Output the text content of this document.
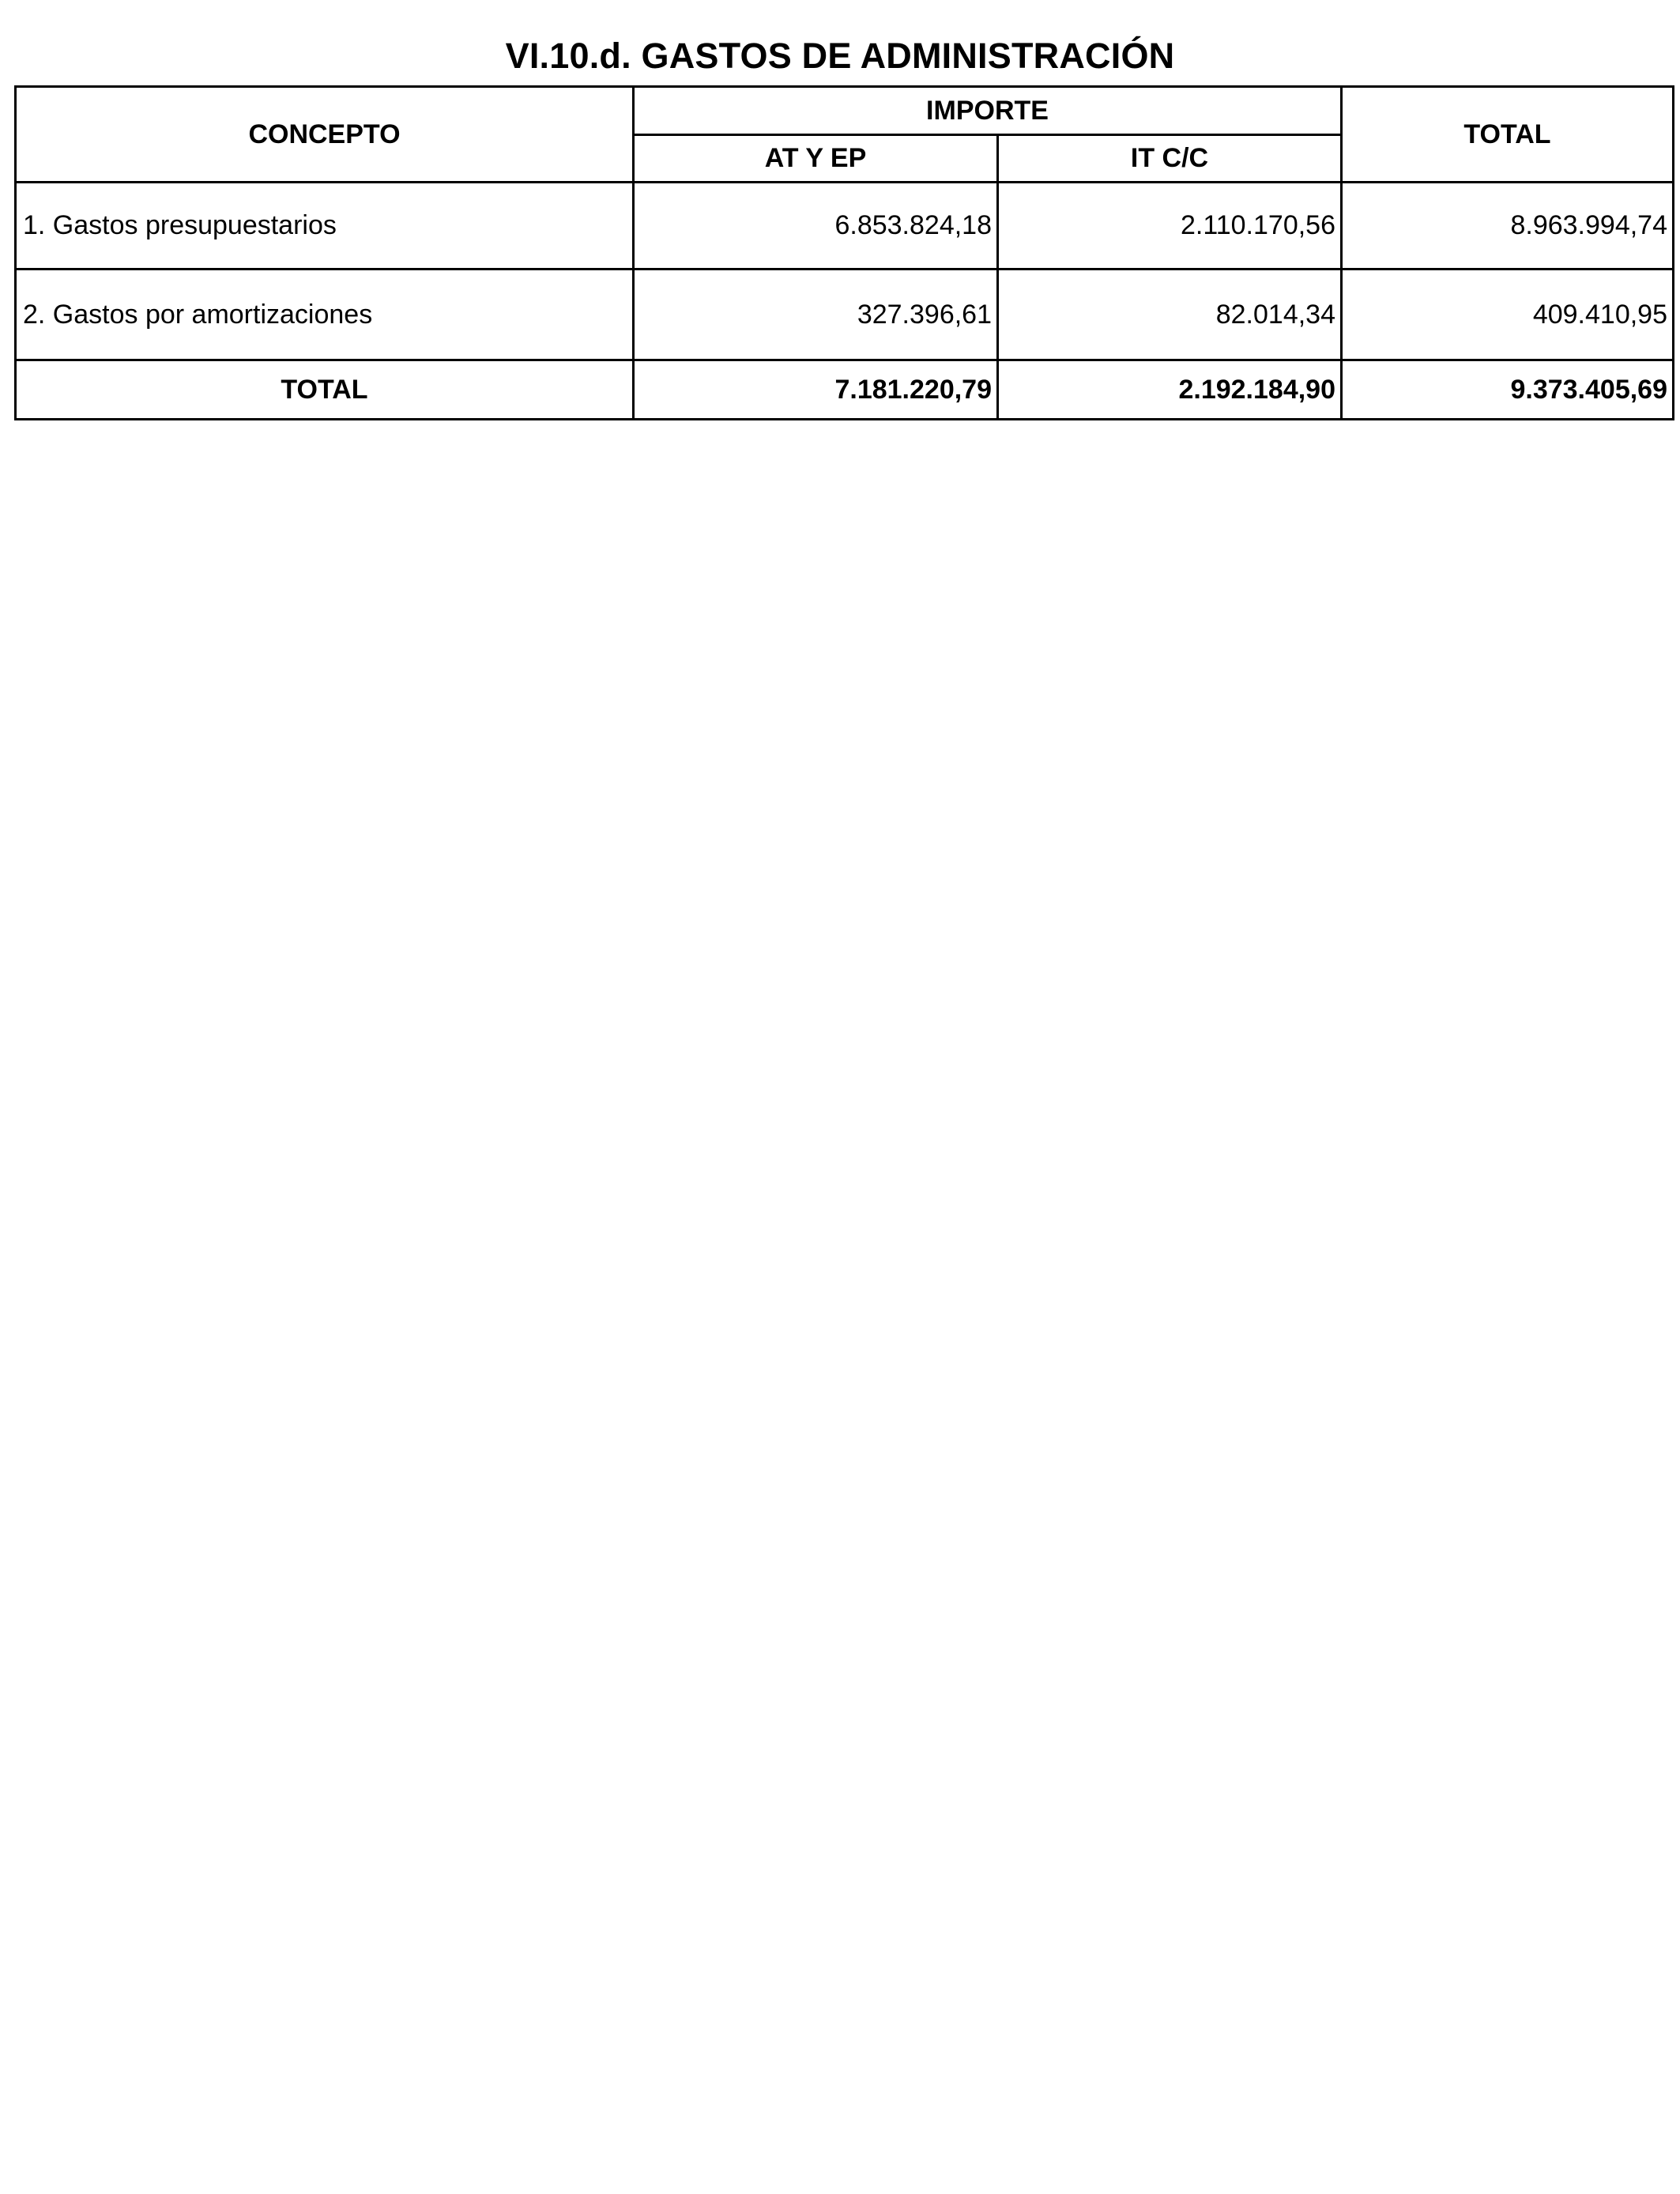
VI.10.d. GASTOS DE ADMINISTRACIÓN
CONCEPTO	IMPORTE		TOTAL
	AT Y EP	IT C/C	
1. Gastos presupuestarios	6.853.824,18	2.110.170,56	8.963.994,74
2. Gastos por amortizaciones	327.396,61	82.014,34	409.410,95
TOTAL	7.181.220,79	2.192.184,90	9.373.405,69
